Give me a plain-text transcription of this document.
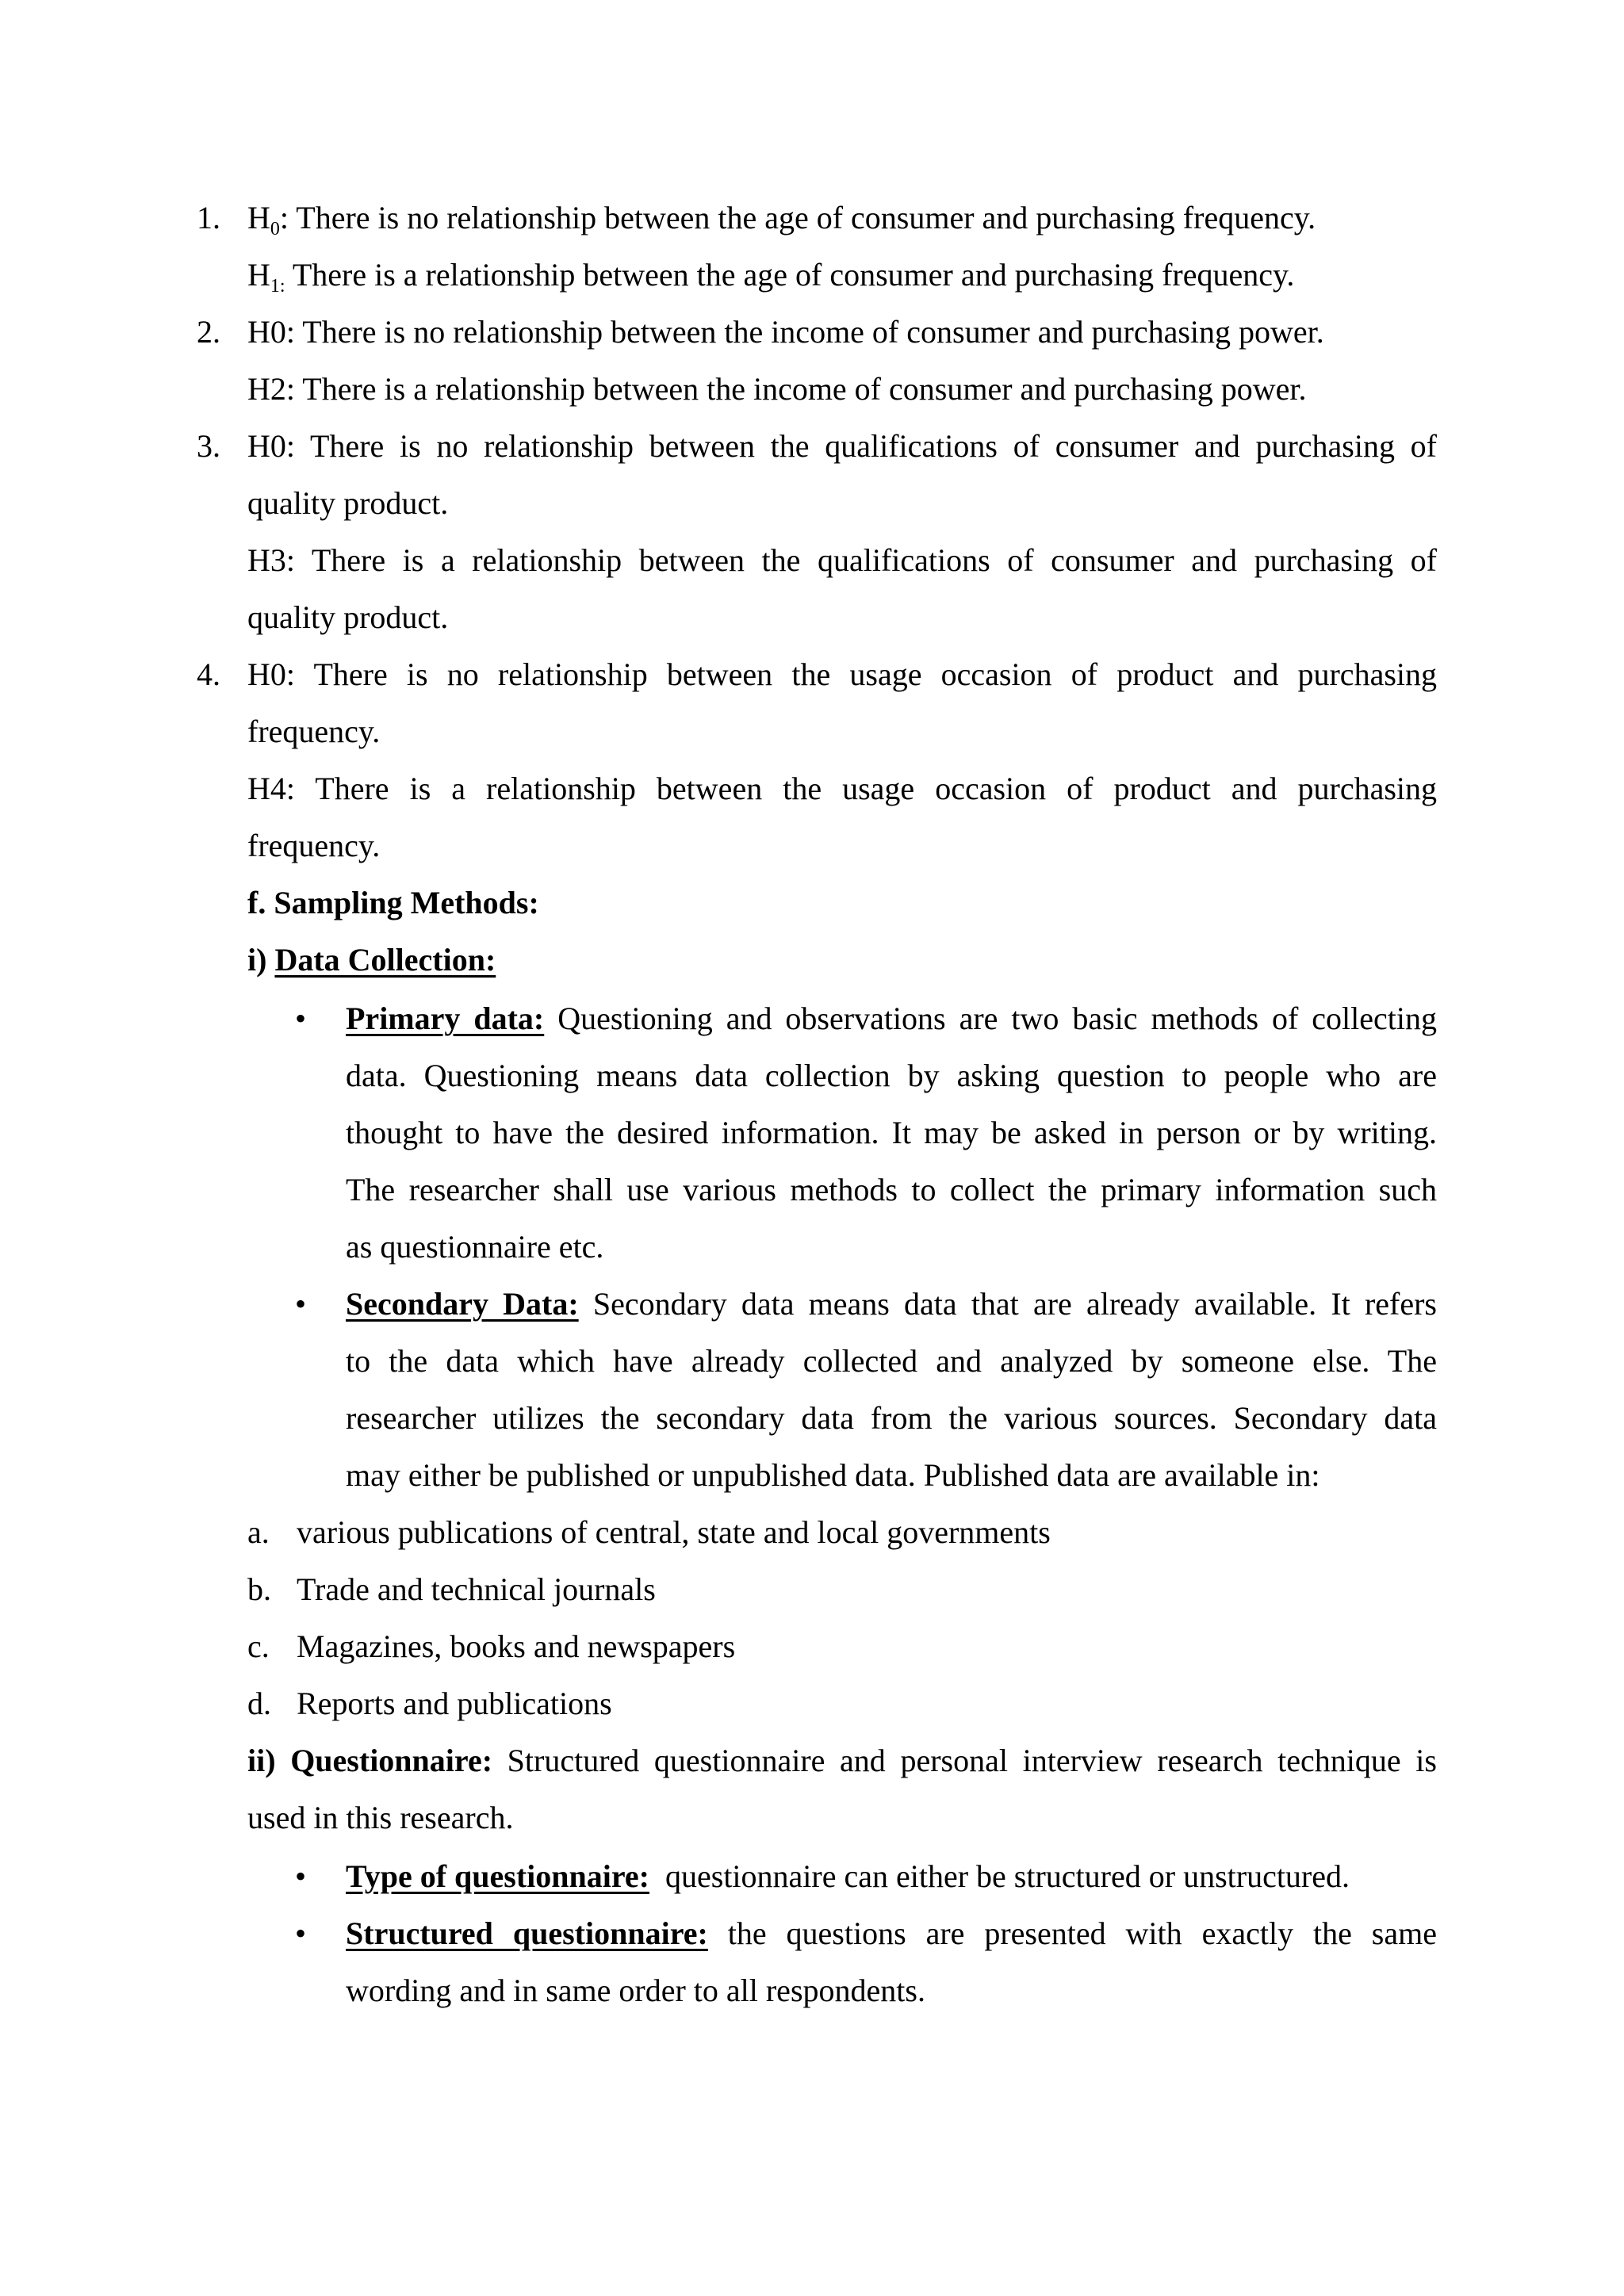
1. $H_0$: There is no relationship between the age of consumer and purchasing frequency.
$H_{1:}$ There is a relationship between the age of consumer and purchasing frequency.
2. H0: There is no relationship between the income of consumer and purchasing power.
H2: There is a relationship between the income of consumer and purchasing power.
3. H0: There is no relationship between the qualifications of consumer and purchasing of
quality product.
H3: There is a relationship between the qualifications of consumer and purchasing of
quality product.
4. H0: There is no relationship between the usage occasion of product and purchasing
frequency.
H4: There is a relationship between the usage occasion of product and purchasing
frequency.
f. Sampling Methods:
i) Data Collection:
• Primary data: Questioning and observations are two basic methods of collecting
data. Questioning means data collection by asking question to people who are
thought to have the desired information. It may be asked in person or by writing.
The researcher shall use various methods to collect the primary information such
as questionnaire etc.
• Secondary Data: Secondary data means data that are already available. It refers
to the data which have already collected and analyzed by someone else. The
researcher utilizes the secondary data from the various sources. Secondary data
may either be published or unpublished data. Published data are available in:
a. various publications of central, state and local governments
b. Trade and technical journals
c. Magazines, books and newspapers
d. Reports and publications
ii) Questionnaire: Structured questionnaire and personal interview research technique is
used in this research.
• Type of questionnaire:  questionnaire can either be structured or unstructured.
• Structured questionnaire: the questions are presented with exactly the same
wording and in same order to all respondents.
